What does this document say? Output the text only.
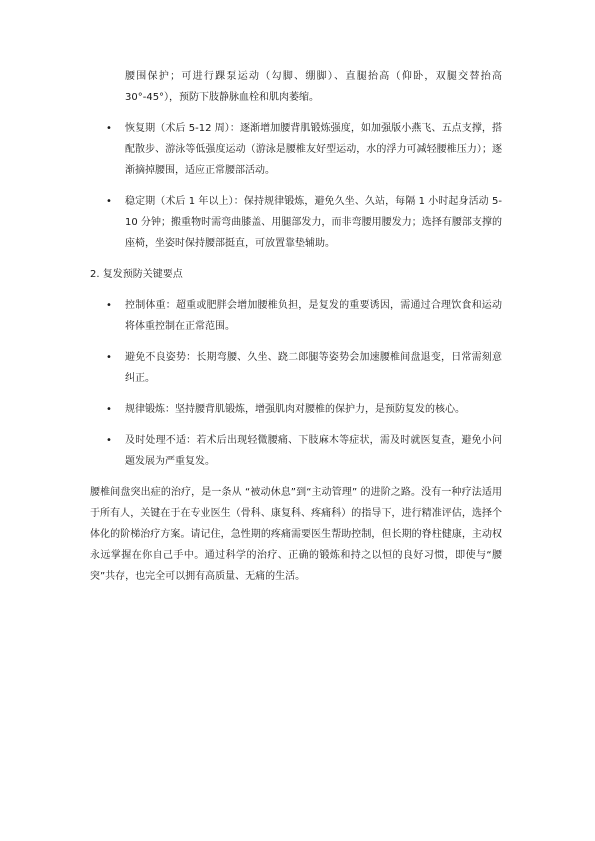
腰围保护；可进行踝泵运动（勾脚、绷脚）、直腿抬高（仰卧，双腿交替抬高30°-45°），预防下肢静脉血栓和肌肉萎缩。
• 恢复期（术后 5-12 周）：逐渐增加腰背肌锻炼强度，如加强版小燕飞、五点支撑，搭配散步、游泳等低强度运动（游泳是腰椎友好型运动，水的浮力可减轻腰椎压力）；逐渐摘掉腰围，适应正常腰部活动。
• 稳定期（术后 1 年以上）：保持规律锻炼，避免久坐、久站，每隔 1 小时起身活动 5-10 分钟；搬重物时需弯曲膝盖、用腿部发力，而非弯腰用腰发力；选择有腰部支撑的座椅，坐姿时保持腰部挺直，可放置靠垫辅助。
2. 复发预防关键要点
• 控制体重：超重或肥胖会增加腰椎负担，是复发的重要诱因，需通过合理饮食和运动将体重控制在正常范围。
• 避免不良姿势：长期弯腰、久坐、跷二郎腿等姿势会加速腰椎间盘退变，日常需刻意纠正。
• 规律锻炼：坚持腰背肌锻炼，增强肌肉对腰椎的保护力，是预防复发的核心。
• 及时处理不适：若术后出现轻微腰痛、下肢麻木等症状，需及时就医复查，避免小问题发展为严重复发。
腰椎间盘突出症的治疗，是一条从 “被动休息”到“主动管理” 的进阶之路。没有一种疗法适用于所有人，关键在于在专业医生（骨科、康复科、疼痛科）的指导下，进行精准评估，选择个体化的阶梯治疗方案。请记住，急性期的疼痛需要医生帮助控制，但长期的脊柱健康，主动权永远掌握在你自己手中。通过科学的治疗、正确的锻炼和持之以恒的良好习惯，即使与“腰突”共存，也完全可以拥有高质量、无痛的生活。
